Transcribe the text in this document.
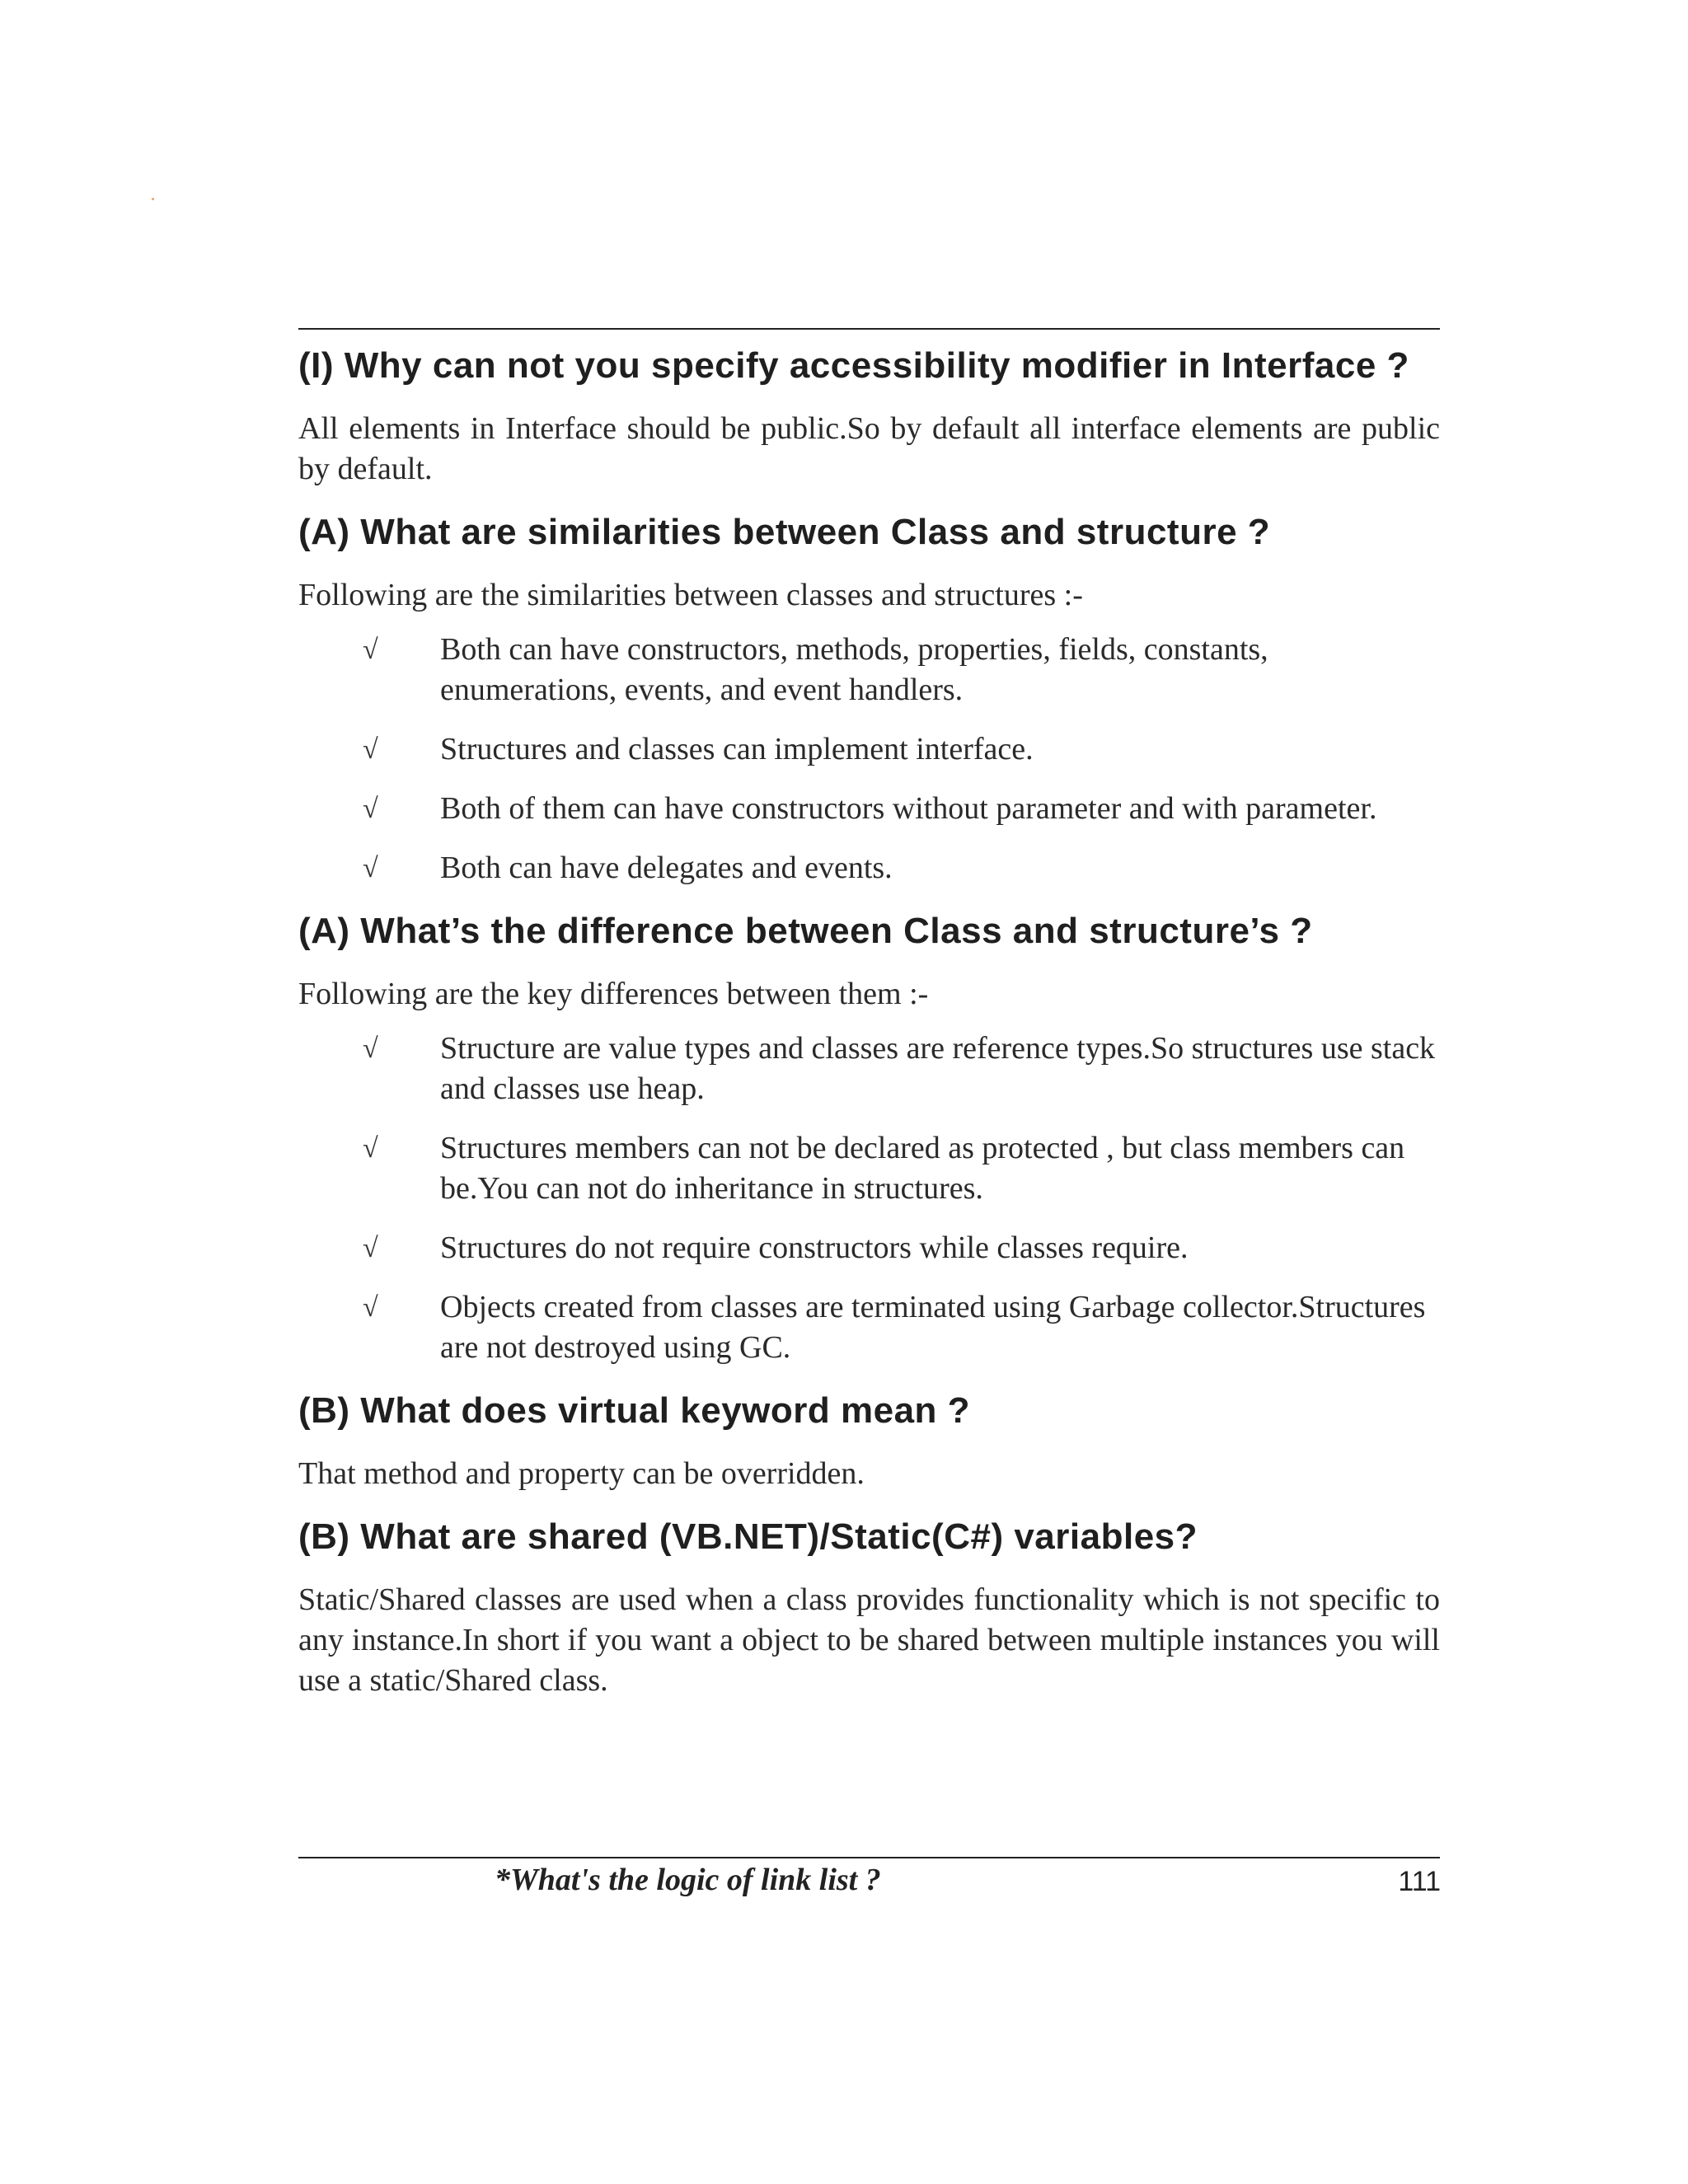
(I) Why can not you specify accessibility modifier in Interface ?

All elements in Interface should be public.So by default all interface elements are public by default.

(A) What are similarities between Class and structure ?

Following are the similarities between classes and structures :-

√ Both can have constructors, methods, properties, fields, constants, enumerations, events, and event handlers.
√ Structures and classes can implement interface.
√ Both of them can have constructors without parameter and with parameter.
√ Both can have delegates and events.
(A) What’s the difference between Class and structure’s ?

Following are the key differences between them :-

√ Structure are value types and classes are reference types.So structures use stack and classes use heap.
√ Structures members can not be declared as protected , but class members can be.You can not do inheritance in structures.
√ Structures do not require constructors while classes require.
√ Objects created from classes are terminated using Garbage collector.Structures are not destroyed using GC.
(B) What does virtual keyword mean ?

That method and property can be overridden.

(B) What are shared (VB.NET)/Static(C#) variables?

Static/Shared classes are used when a class provides functionality which is not specific to any instance.In short if you want a object to be shared between multiple instances you will use a static/Shared class.

*What's the logic of link list ?	111
